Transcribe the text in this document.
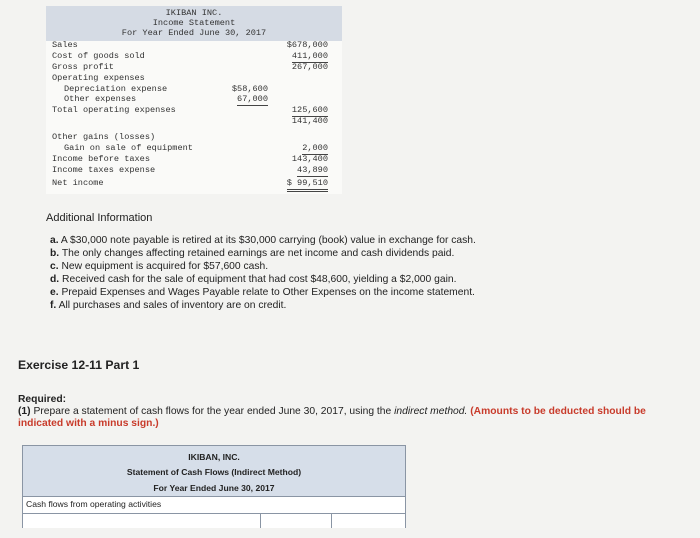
IKIBAN INC.
Income Statement
For Year Ended June 30, 2017
Sales	$678,000
Cost of goods sold	411,000
Gross profit	267,000
Operating expenses
Depreciation expense	$58,600
Other expenses	67,000
Total operating expenses	125,600
141,400
Other gains (losses)
Gain on sale of equipment	2,000
Income before taxes	143,400
Income taxes expense	43,890
Net income	$ 99,510
Additional Information
a. A $30,000 note payable is retired at its $30,000 carrying (book) value in exchange for cash.
b. The only changes affecting retained earnings are net income and cash dividends paid.
c. New equipment is acquired for $57,600 cash.
d. Received cash for the sale of equipment that had cost $48,600, yielding a $2,000 gain.
e. Prepaid Expenses and Wages Payable relate to Other Expenses on the income statement.
f. All purchases and sales of inventory are on credit.
Exercise 12-11 Part 1
Required:
(1) Prepare a statement of cash flows for the year ended June 30, 2017, using the indirect method. (Amounts to be deducted should be indicated with a minus sign.)
IKIBAN, INC.
Statement of Cash Flows (Indirect Method)
For Year Ended June 30, 2017
Cash flows from operating activities
